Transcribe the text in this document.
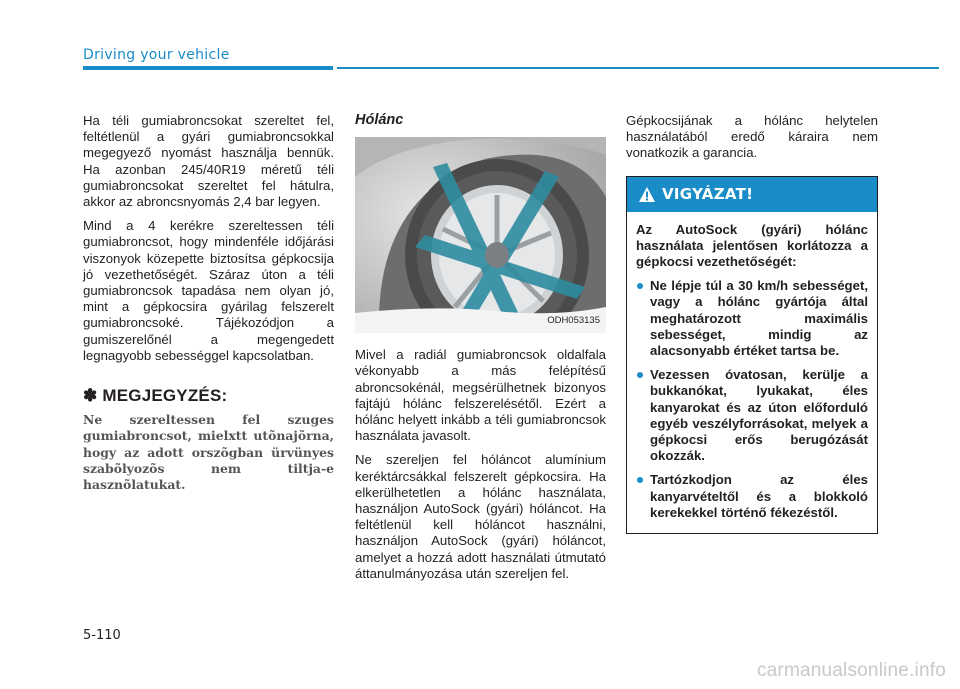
Driving your vehicle

Ha téli gumiabroncsokat szereltet fel, feltétlenül a gyári gumiabroncsokkal megegyező nyomást használja bennük. Ha azonban 245/40R19 méretű téli gumiabroncsokat szereltet fel hátulra, akkor az abroncsnyomás 2,4 bar legyen.

Mind a 4 kerékre szereltessen téli gumiabroncsot, hogy mindenféle időjárási viszonyok közepette biztosítsa gépkocsija jó vezethetőségét. Száraz úton a téli gumiabroncsok tapadása nem olyan jó, mint a gépkocsira gyárilag felszerelt gumiabroncsoké. Tájékozódjon a gumiszerelőnél a megengedett legnagyobb sebességgel kapcsolatban.

✽ MEGJEGYZÉS:

Ne szereltessen fel szuges gumiabroncsot, mielxtt utõnajõrna, hogy az adott orszõgban ürvünyes szabõlyozõs nem tiltja-e hasznõlatukat.

Hólánc
ODH053135

Mivel a radiál gumiabroncsok oldalfala vékonyabb a más felépítésű abroncsokénál, megsérülhetnek bizonyos fajtájú hólánc felszerelésétől. Ezért a hólánc helyett inkább a téli gumiabroncsok használata javasolt.

Ne szereljen fel hóláncot alumínium keréktárcsákkal felszerelt gépkocsira. Ha elkerülhetetlen a hólánc használata, használjon AutoSock (gyári) hóláncot. Ha feltétlenül kell hóláncot használni, használjon AutoSock (gyári) hóláncot, amelyet a hozzá adott használati útmutató áttanulmányozása után szereljen fel.

Gépkocsijának a hólánc helytelen használatából eredő káraira nem vonatkozik a garancia.

VIGYÁZAT!

Az AutoSock (gyári) hólánc használata jelentősen korlátozza a gépkocsi vezethetőségét:

Ne lépje túl a 30 km/h sebességet, vagy a hólánc gyártója által meghatározott maximális sebességet, mindig az alacsonyabb értéket tartsa be.
Vezessen óvatosan, kerülje a bukkanókat, lyukakat, éles kanyarokat és az úton előforduló egyéb veszélyforrásokat, melyek a gépkocsi erős berugózását okozzák.
Tartózkodjon az éles kanyarvételtől és a blokkoló kerekekkel történő fékezéstől.
5-110
carmanualsonline.info
